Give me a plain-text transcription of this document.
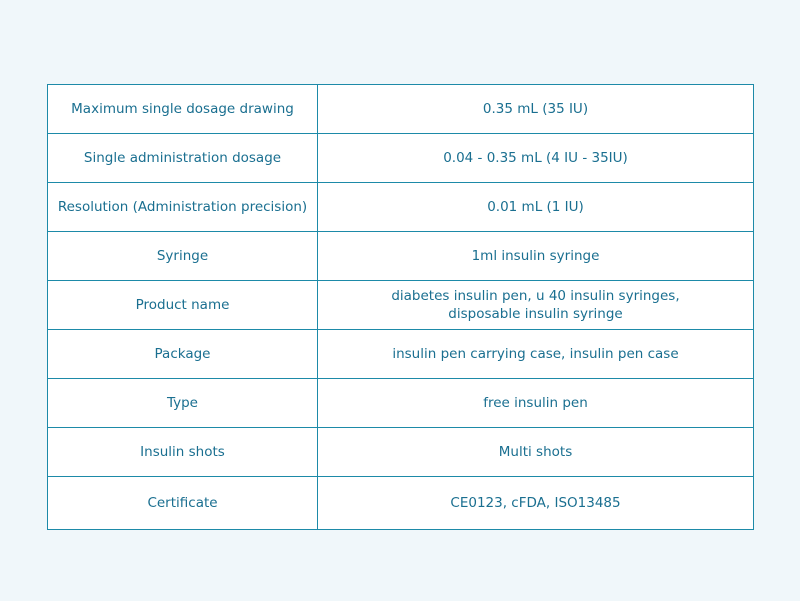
Maximum single dosage drawing	0.35 mL (35 IU)
Single administration dosage	0.04 - 0.35 mL (4 IU - 35IU)
Resolution (Administration precision)	0.01 mL (1 IU)
Syringe	1ml insulin syringe
Product name	diabetes insulin pen, u 40 insulin syringes,
disposable insulin syringe
Package	insulin pen carrying case, insulin pen case
Type	free insulin pen
Insulin shots	Multi shots
Certificate	CE0123, cFDA, ISO13485
